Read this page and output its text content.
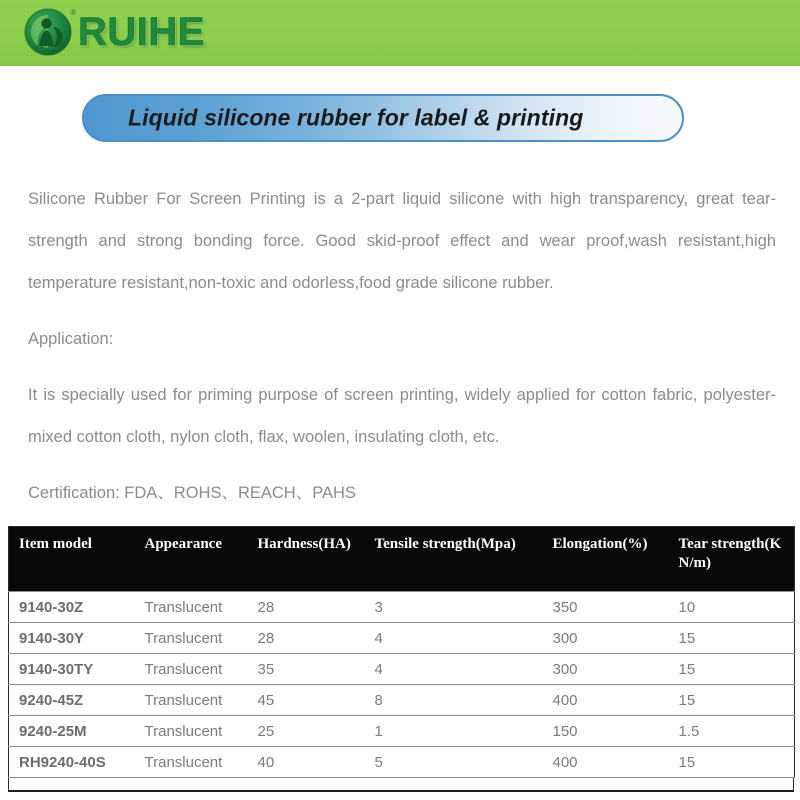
® RUIHE
Liquid silicone rubber for label & printing

Silicone Rubber For Screen Printing is a 2-part liquid silicone with high transparency, great tear-strength and strong bonding force. Good skid-proof effect and wear proof,wash resistant,high temperature resistant,non-toxic and odorless,food grade silicone rubber.

Application:

It is specially used for priming purpose of screen printing, widely applied for cotton fabric, polyester-mixed cotton cloth, nylon cloth, flax, woolen, insulating cloth, etc.

Certification: FDA、ROHS、REACH、PAHS

Item model	Appearance	Hardness(HA)	Tensile strength(Mpa)	Elongation(%)	Tear strength(K N/m)
9140-30Z	Translucent	28	3	350	10
9140-30Y	Translucent	28	4	300	15
9140-30TY	Translucent	35	4	300	15
9240-45Z	Translucent	45	8	400	15
9240-25M	Translucent	25	1	150	1.5
RH9240-40S	Translucent	40	5	400	15
